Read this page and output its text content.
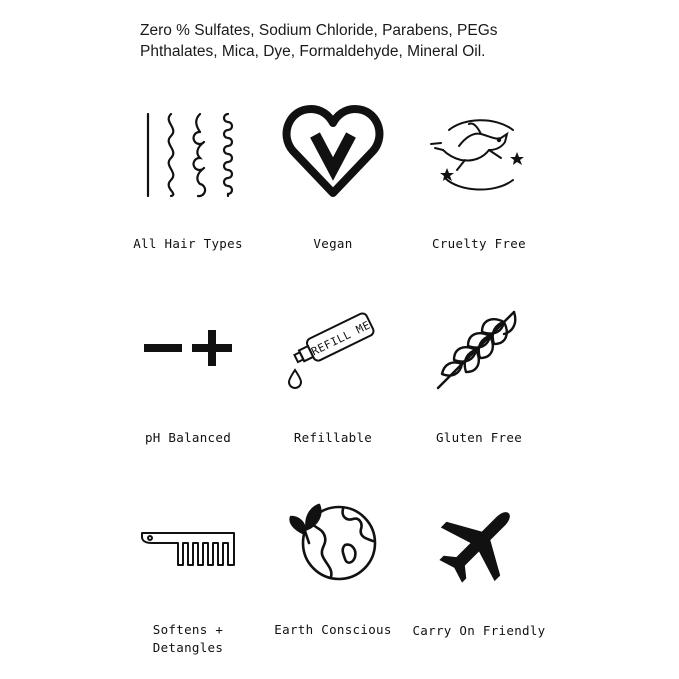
Zero % Sulfates, Sodium Chloride, Parabens, PEGs
Phthalates, Mica, Dye, Formaldehyde, Mineral Oil.
All Hair Types	Vegan	Cruelty Free
pH Balanced
REFILL ME
Refillable	Gluten Free
Softens +
Detangles
Earth Conscious	Carry On Friendly
